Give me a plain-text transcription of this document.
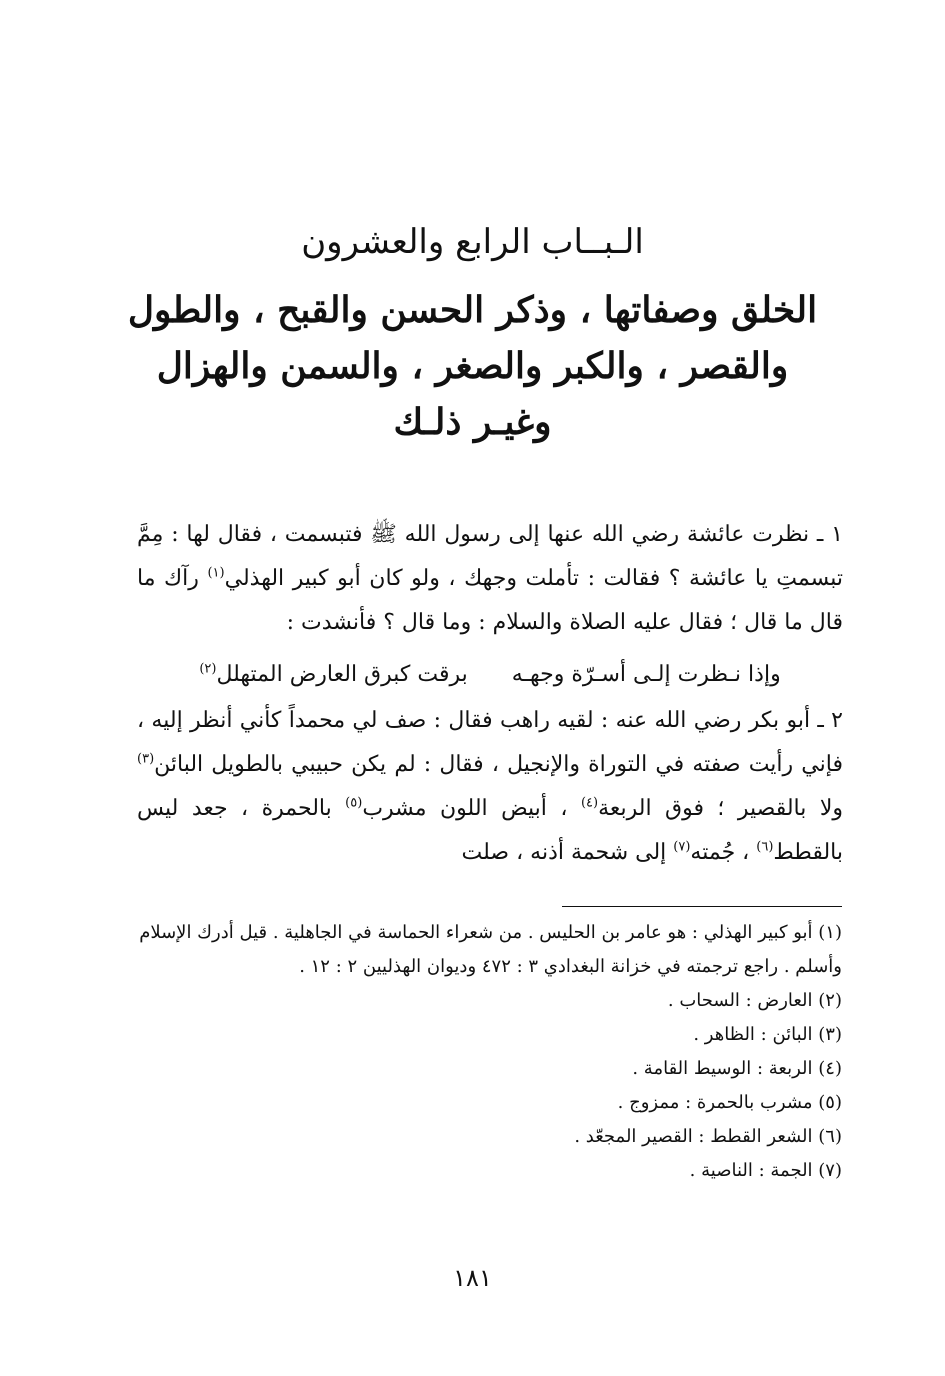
الـبــاب الرابع والعشرون
الخلق وصفاتها ، وذكر الحسن والقبح ، والطول
والقصر ، والكبر والصغر ، والسمن والهزال
وغيـر ذلـك

١ ـ نظرت عائشة رضي الله عنها إلى رسول الله ﷺ فتبسمت ، فقال لها : مِمَّ تبسمتِ يا عائشة ؟ فقالت : تأملت وجهك ، ولو كان أبو كبير الهذلي$^{(١)}$ رآك ما قال ما قال ؛ فقال عليه الصلاة والسلام : وما قال ؟ فأنشدت :

وإذا نـظرت إلـى أسـرّة وجهـه
برقت كبرق العارض المتهلل$^{(٢)}$

٢ ـ أبو بكر رضي الله عنه : لقيه راهب فقال : صف لي محمداً كأني أنظر إليه ، فإني رأيت صفته في التوراة والإنجيل ، فقال : لم يكن حبيبي بالطويل البائن$^{(٣)}$ ولا بالقصير ؛ فوق الربعة$^{(٤)}$ ، أبيض اللون مشرب$^{(٥)}$ بالحمرة ، جعد ليس بالقطط$^{(٦)}$ ، جُمته$^{(٧)}$ إلى شحمة أذنه ، صلت

(١) أبو كبير الهذلي : هو عامر بن الحليس . من شعراء الحماسة في الجاهلية . قيل أدرك الإسلام وأسلم . راجع ترجمته في خزانة البغدادي ٣ : ٤٧٢ وديوان الهذليين ٢ : ١٢ .

(٢) العارض : السحاب .

(٣) البائن : الظاهر .

(٤) الربعة : الوسيط القامة .

(٥) مشرب بالحمرة : ممزوج .

(٦) الشعر القطط : القصير المجعّد .

(٧) الجمة : الناصية .

١٨١
